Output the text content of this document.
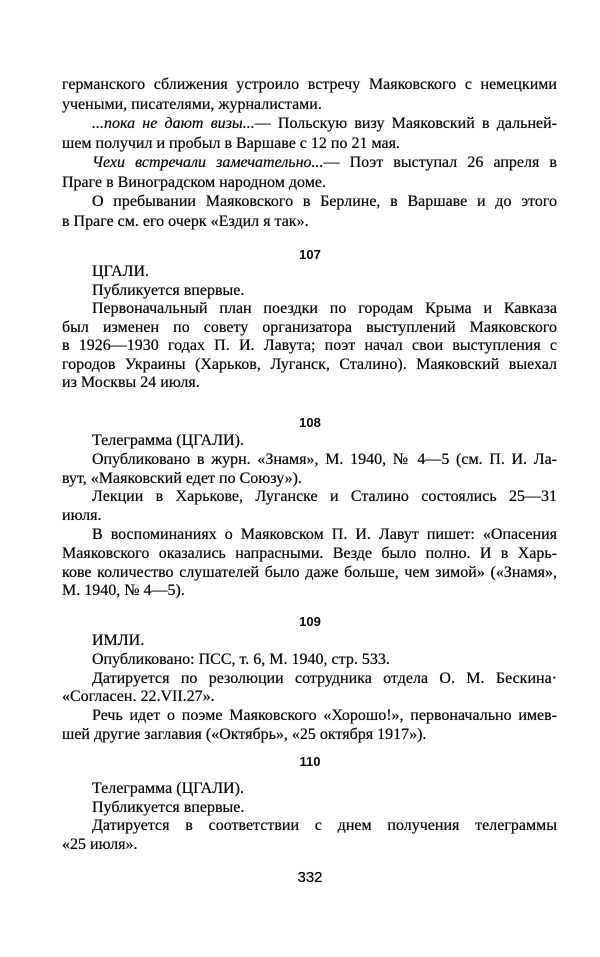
германского сближения устроило встречу Маяковского с немецкими
учеными, писателями, журналистами.
...пока не дают визы...— Польскую визу Маяковский в дальней-
шем получил и пробыл в Варшаве с 12 по 21 мая.
Чехи встречали замечательно...— Поэт выступал 26 апреля в
Праге в Виноградском народном доме.
О пребывании Маяковского в Берлине, в Варшаве и до этого
в Праге см. его очерк «Ездил я так».
107
ЦГАЛИ.
Публикуется впервые.
Первоначальный план поездки по городам Крыма и Кавказа
был изменен по совету организатора выступлений Маяковского
в 1926—1930 годах П. И. Лавута; поэт начал свои выступления с
городов Украины (Харьков, Луганск, Сталино). Маяковский выехал
из Москвы 24 июля.
108
Телеграмма (ЦГАЛИ).
Опубликовано в журн. «Знамя», М. 1940, № 4—5 (см. П. И. Ла-
вут, «Маяковский едет по Союзу»).
Лекции в Харькове, Луганске и Сталино состоялись 25—31
июля.
В воспоминаниях о Маяковском П. И. Лавут пишет: «Опасения
Маяковского оказались напрасными. Везде было полно. И в Харь-
кове количество слушателей было даже больше, чем зимой» («Знамя»,
М. 1940, № 4—5).
109
ИМЛИ.
Опубликовано: ПСС, т. 6, М. 1940, стр. 533.
Датируется по резолюции сотрудника отдела О. М. Бескина·
«Согласен. 22.VII.27».
Речь идет о поэме Маяковского «Хорошо!», первоначально имев-
шей другие заглавия («Октябрь», «25 октября 1917»).
110
Телеграмма (ЦГАЛИ).
Публикуется впервые.
Датируется в соответствии с днем получения телеграммы
«25 июля».
332
